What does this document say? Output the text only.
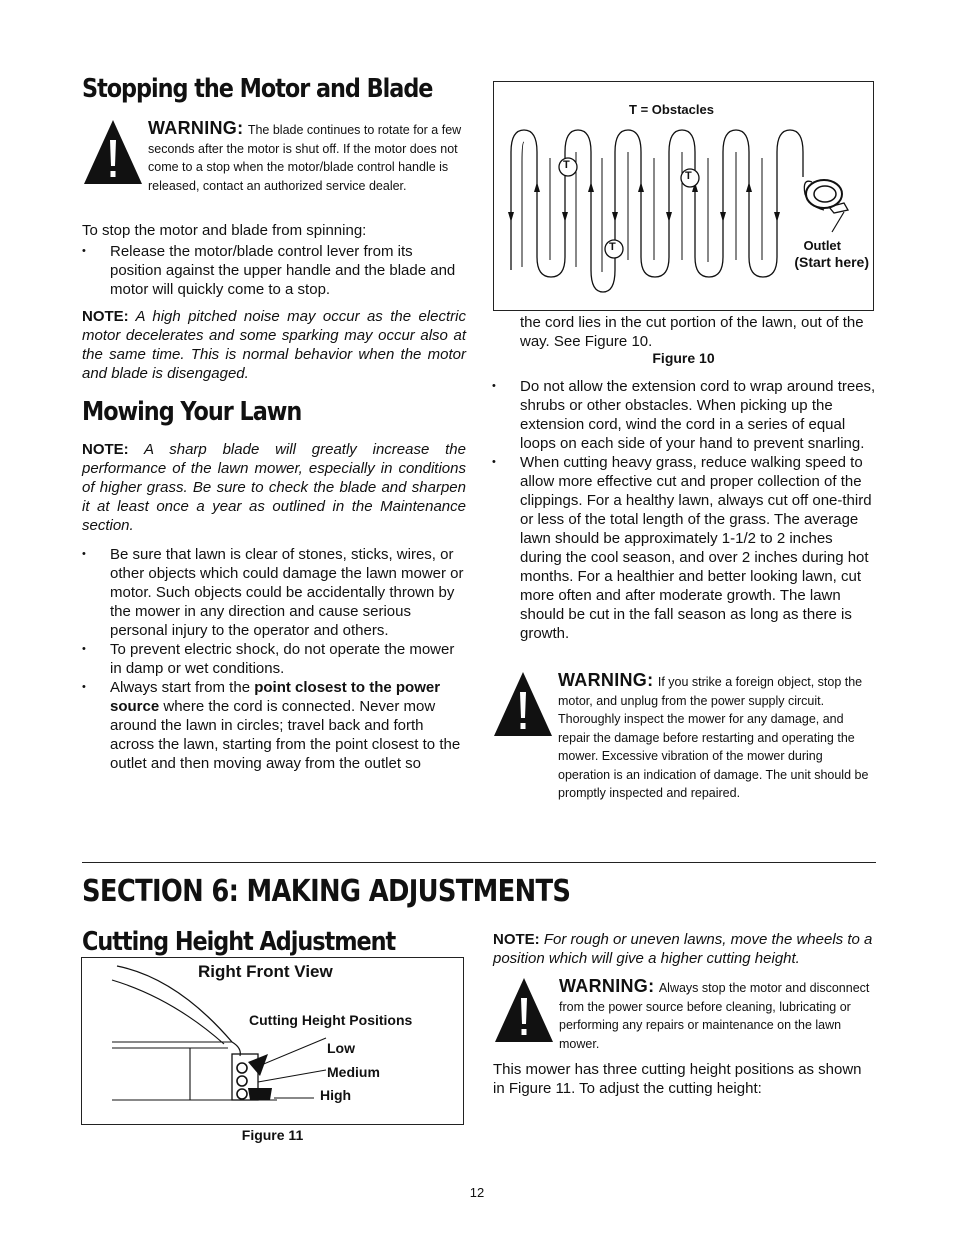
Stopping the Motor and Blade

WARNING: The blade continues to rotate for a few seconds after the motor is shut off. If the motor does not come to a stop when the motor/blade control handle is released, contact an authorized service dealer.

To stop the motor and blade from spinning:

• Release the motor/blade control lever from its position against the upper handle and the blade and motor will quickly come to a stop.

NOTE: A high pitched noise may occur as the electric motor decelerates and some sparking may occur also at the same time. This is normal behavior when the motor and blade is disengaged.

Mowing Your Lawn

NOTE: A sharp blade will greatly increase the performance of the lawn mower, especially in conditions of higher grass. Be sure to check the blade and sharpen it at least once a year as outlined in the Maintenance section.

• Be sure that lawn is clear of stones, sticks, wires, or other objects which could damage the lawn mower or motor. Such objects could be accidentally thrown by the mower in any direction and cause serious personal injury to the operator and others.
• To prevent electric shock, do not operate the mower in damp or wet conditions.
• Always start from the point closest to the power source where the cord is connected. Never mow around the lawn in circles; travel back and forth across the lawn, starting from the point closest to the outlet and then moving away from the outlet so
T = Obstacles
T
T
T	Outlet
(Start here)

the cord lies in the cut portion of the lawn, out of the way. See Figure 10.

Figure 10
• Do not allow the extension cord to wrap around trees, shrubs or other obstacles. When picking up the extension cord, wind the cord in a series of equal loops on each side of your hand to prevent snarling.
• When cutting heavy grass, reduce walking speed to allow more effective cut and proper collection of the clippings. For a healthy lawn, always cut off one-third or less of the total length of the grass. The average lawn should be approximately 1-1/2 to 2 inches during the cool season, and over 2 inches during hot months. For a healthier and better looking lawn, cut more often and after moderate growth. The lawn should be cut in the fall season as long as there is growth.

WARNING: If you strike a foreign object, stop the motor, and unplug from the power supply circuit. Thoroughly inspect the mower for any damage, and repair the damage before restarting and operating the mower. Excessive vibration of the mower during operation is an indication of damage. The unit should be promptly inspected and repaired.

SECTION 6: MAKING ADJUSTMENTS
Cutting Height Adjustment
Right Front View
Cutting Height Positions
Low
Medium
High
Figure 11

NOTE: For rough or uneven lawns, move the wheels to a position which will give a higher cutting height.

WARNING: Always stop the motor and disconnect from the power source before cleaning, lubricating or performing any repairs or maintenance on the lawn mower.

This mower has three cutting height positions as shown in Figure 11. To adjust the cutting height:

12
